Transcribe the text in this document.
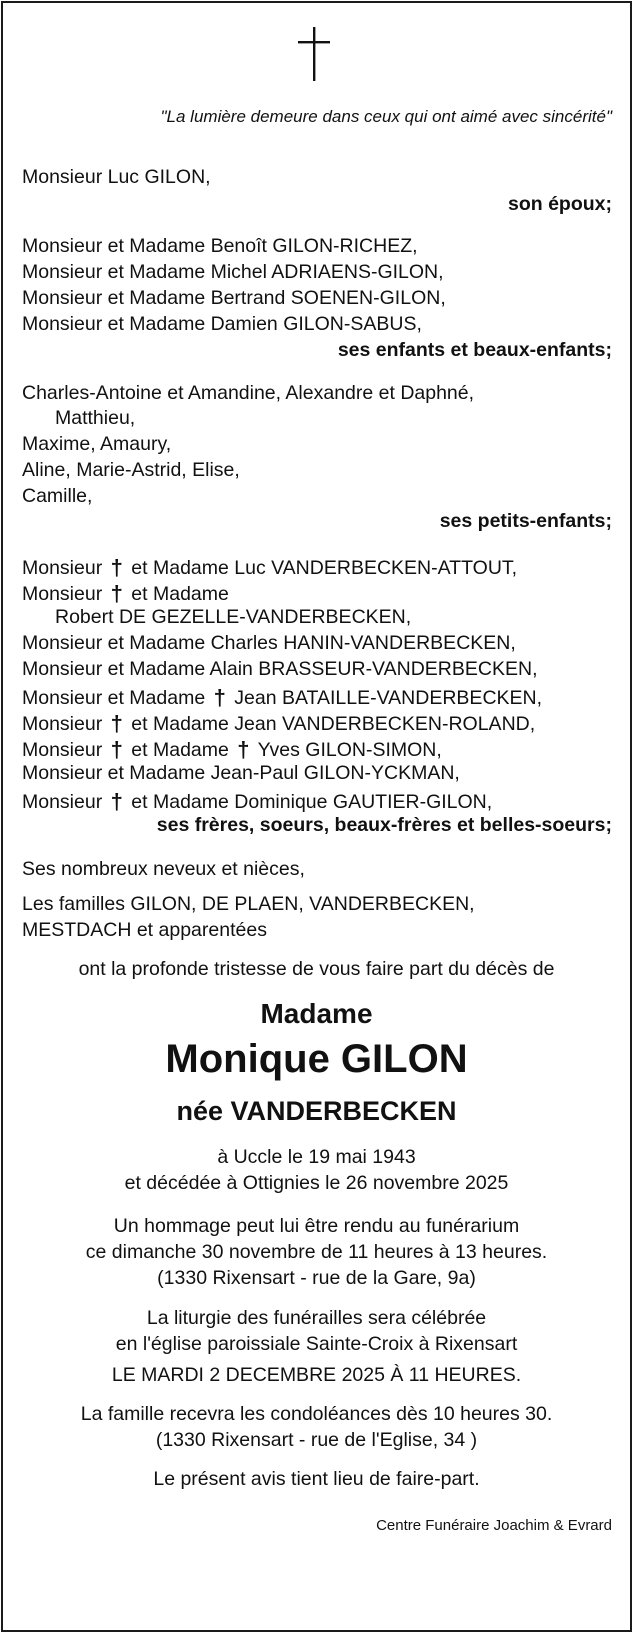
"La lumière demeure dans ceux qui ont aimé avec sincérité"
Monsieur Luc GILON,
son époux;
Monsieur et Madame Benoît GILON-RICHEZ,
Monsieur et Madame Michel ADRIAENS-GILON,
Monsieur et Madame Bertrand SOENEN-GILON,
Monsieur et Madame Damien GILON-SABUS,
ses enfants et beaux-enfants;
Charles-Antoine et Amandine, Alexandre et Daphné,
Matthieu,
Maxime, Amaury,
Aline, Marie-Astrid, Elise,
Camille,
ses petits-enfants;
Monsieur † et Madame Luc VANDERBECKEN-ATTOUT,
Monsieur † et Madame
Robert DE GEZELLE-VANDERBECKEN,
Monsieur et Madame Charles HANIN-VANDERBECKEN,
Monsieur et Madame Alain BRASSEUR-VANDERBECKEN,
Monsieur et Madame † Jean BATAILLE-VANDERBECKEN,
Monsieur † et Madame Jean VANDERBECKEN-ROLAND,
Monsieur † et Madame † Yves GILON-SIMON,
Monsieur et Madame Jean-Paul GILON-YCKMAN,
Monsieur † et Madame Dominique GAUTIER-GILON,
ses frères, soeurs, beaux-frères et belles-soeurs;
Ses nombreux neveux et nièces,
Les familles GILON, DE PLAEN, VANDERBECKEN,
MESTDACH et apparentées
ont la profonde tristesse de vous faire part du décès de
Madame
Monique GILON
née VANDERBECKEN
à Uccle le 19 mai 1943
et décédée à Ottignies le 26 novembre 2025
Un hommage peut lui être rendu au funérarium
ce dimanche 30 novembre de 11 heures à 13 heures.
(1330 Rixensart - rue de la Gare, 9a)
La liturgie des funérailles sera célébrée
en l'église paroissiale Sainte-Croix à Rixensart
LE MARDI 2 DECEMBRE 2025 À 11 HEURES.
La famille recevra les condoléances dès 10 heures 30.
(1330 Rixensart - rue de l'Eglise, 34 )
Le présent avis tient lieu de faire-part.
Centre Funéraire Joachim & Evrard
